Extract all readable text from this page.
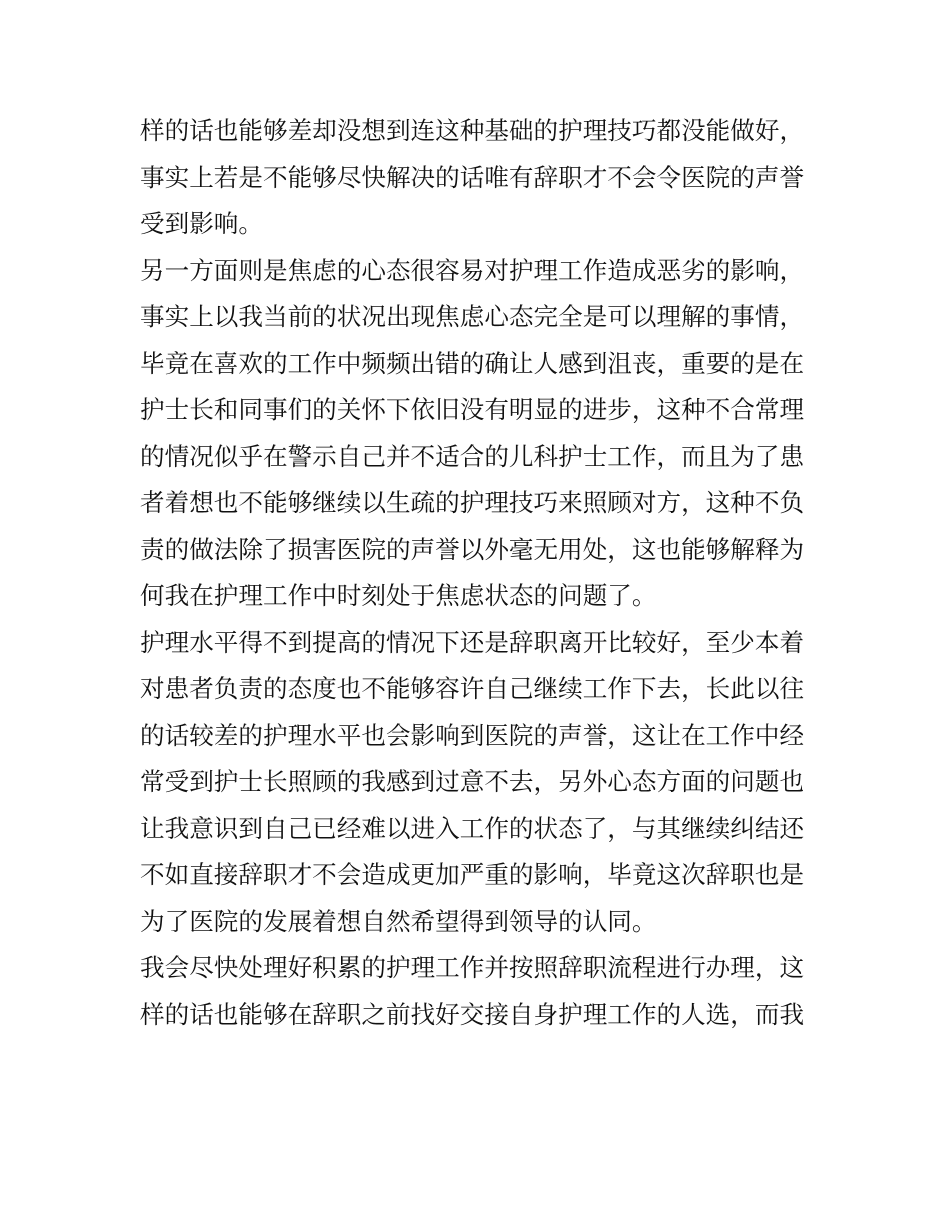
样的话也能够差却没想到连这种基础的护理技巧都没能做好，
事实上若是不能够尽快解决的话唯有辞职才不会令医院的声誉
受到影响。
另一方面则是焦虑的心态很容易对护理工作造成恶劣的影响，
事实上以我当前的状况出现焦虑心态完全是可以理解的事情，
毕竟在喜欢的工作中频频出错的确让人感到沮丧，重要的是在
护士长和同事们的关怀下依旧没有明显的进步，这种不合常理
的情况似乎在警示自己并不适合的儿科护士工作，而且为了患
者着想也不能够继续以生疏的护理技巧来照顾对方，这种不负
责的做法除了损害医院的声誉以外毫无用处，这也能够解释为
何我在护理工作中时刻处于焦虑状态的问题了。
护理水平得不到提高的情况下还是辞职离开比较好，至少本着
对患者负责的态度也不能够容许自己继续工作下去，长此以往
的话较差的护理水平也会影响到医院的声誉，这让在工作中经
常受到护士长照顾的我感到过意不去，另外心态方面的问题也
让我意识到自己已经难以进入工作的状态了，与其继续纠结还
不如直接辞职才不会造成更加严重的影响，毕竟这次辞职也是
为了医院的发展着想自然希望得到领导的认同。
我会尽快处理好积累的护理工作并按照辞职流程进行办理，这
样的话也能够在辞职之前找好交接自身护理工作的人选，而我
